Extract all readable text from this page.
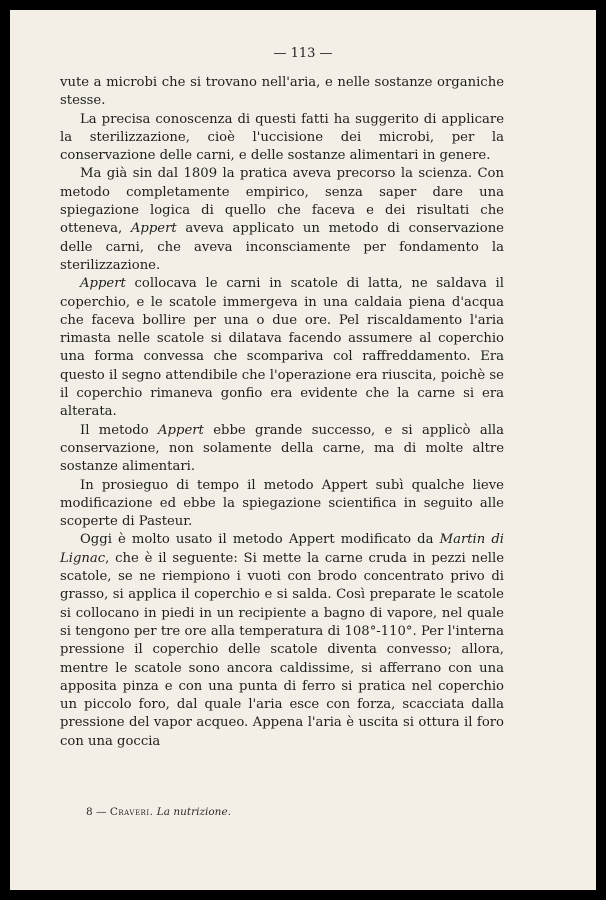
— 113 —

vute a microbi che si trovano nell'aria, e nelle sostanze organiche stesse.

La precisa conoscenza di questi fatti ha suggerito di applicare la sterilizzazione, cioè l'uccisione dei microbi, per la conservazione delle carni, e delle sostanze alimentari in genere.

Ma già sin dal 1809 la pratica aveva precorso la scienza. Con metodo completamente empirico, senza saper dare una spiegazione logica di quello che faceva e dei risultati che otteneva, Appert aveva applicato un metodo di conservazione delle carni, che aveva inconsciamente per fondamento la sterilizzazione.

Appert collocava le carni in scatole di latta, ne saldava il coperchio, e le scatole immergeva in una caldaia piena d'acqua che faceva bollire per una o due ore. Pel riscaldamento l'aria rimasta nelle scatole si dilatava facendo assumere al coperchio una forma convessa che scompariva col raffreddamento. Era questo il segno attendibile che l'operazione era riuscita, poichè se il coperchio rimaneva gonfio era evidente che la carne si era alterata.

Il metodo Appert ebbe grande successo, e si applicò alla conservazione, non solamente della carne, ma di molte altre sostanze alimentari.

In prosieguo di tempo il metodo Appert subì qualche lieve modificazione ed ebbe la spiegazione scientifica in seguito alle scoperte di Pasteur.

Oggi è molto usato il metodo Appert modificato da Martin di Lignac, che è il seguente: Si mette la carne cruda in pezzi nelle scatole, se ne riempiono i vuoti con brodo concentrato privo di grasso, si applica il coperchio e si salda. Così preparate le scatole si collocano in piedi in un recipiente a bagno di vapore, nel quale si tengono per tre ore alla temperatura di 108°-110°. Per l'interna pressione il coperchio delle scatole diventa convesso; allora, mentre le scatole sono ancora caldissime, si afferrano con una apposita pinza e con una punta di ferro si pratica nel coperchio un piccolo foro, dal quale l'aria esce con forza, scacciata dalla pressione del vapor acqueo. Appena l'aria è uscita si ottura il foro con una goccia

8 — Craveri. La nutrizione.
